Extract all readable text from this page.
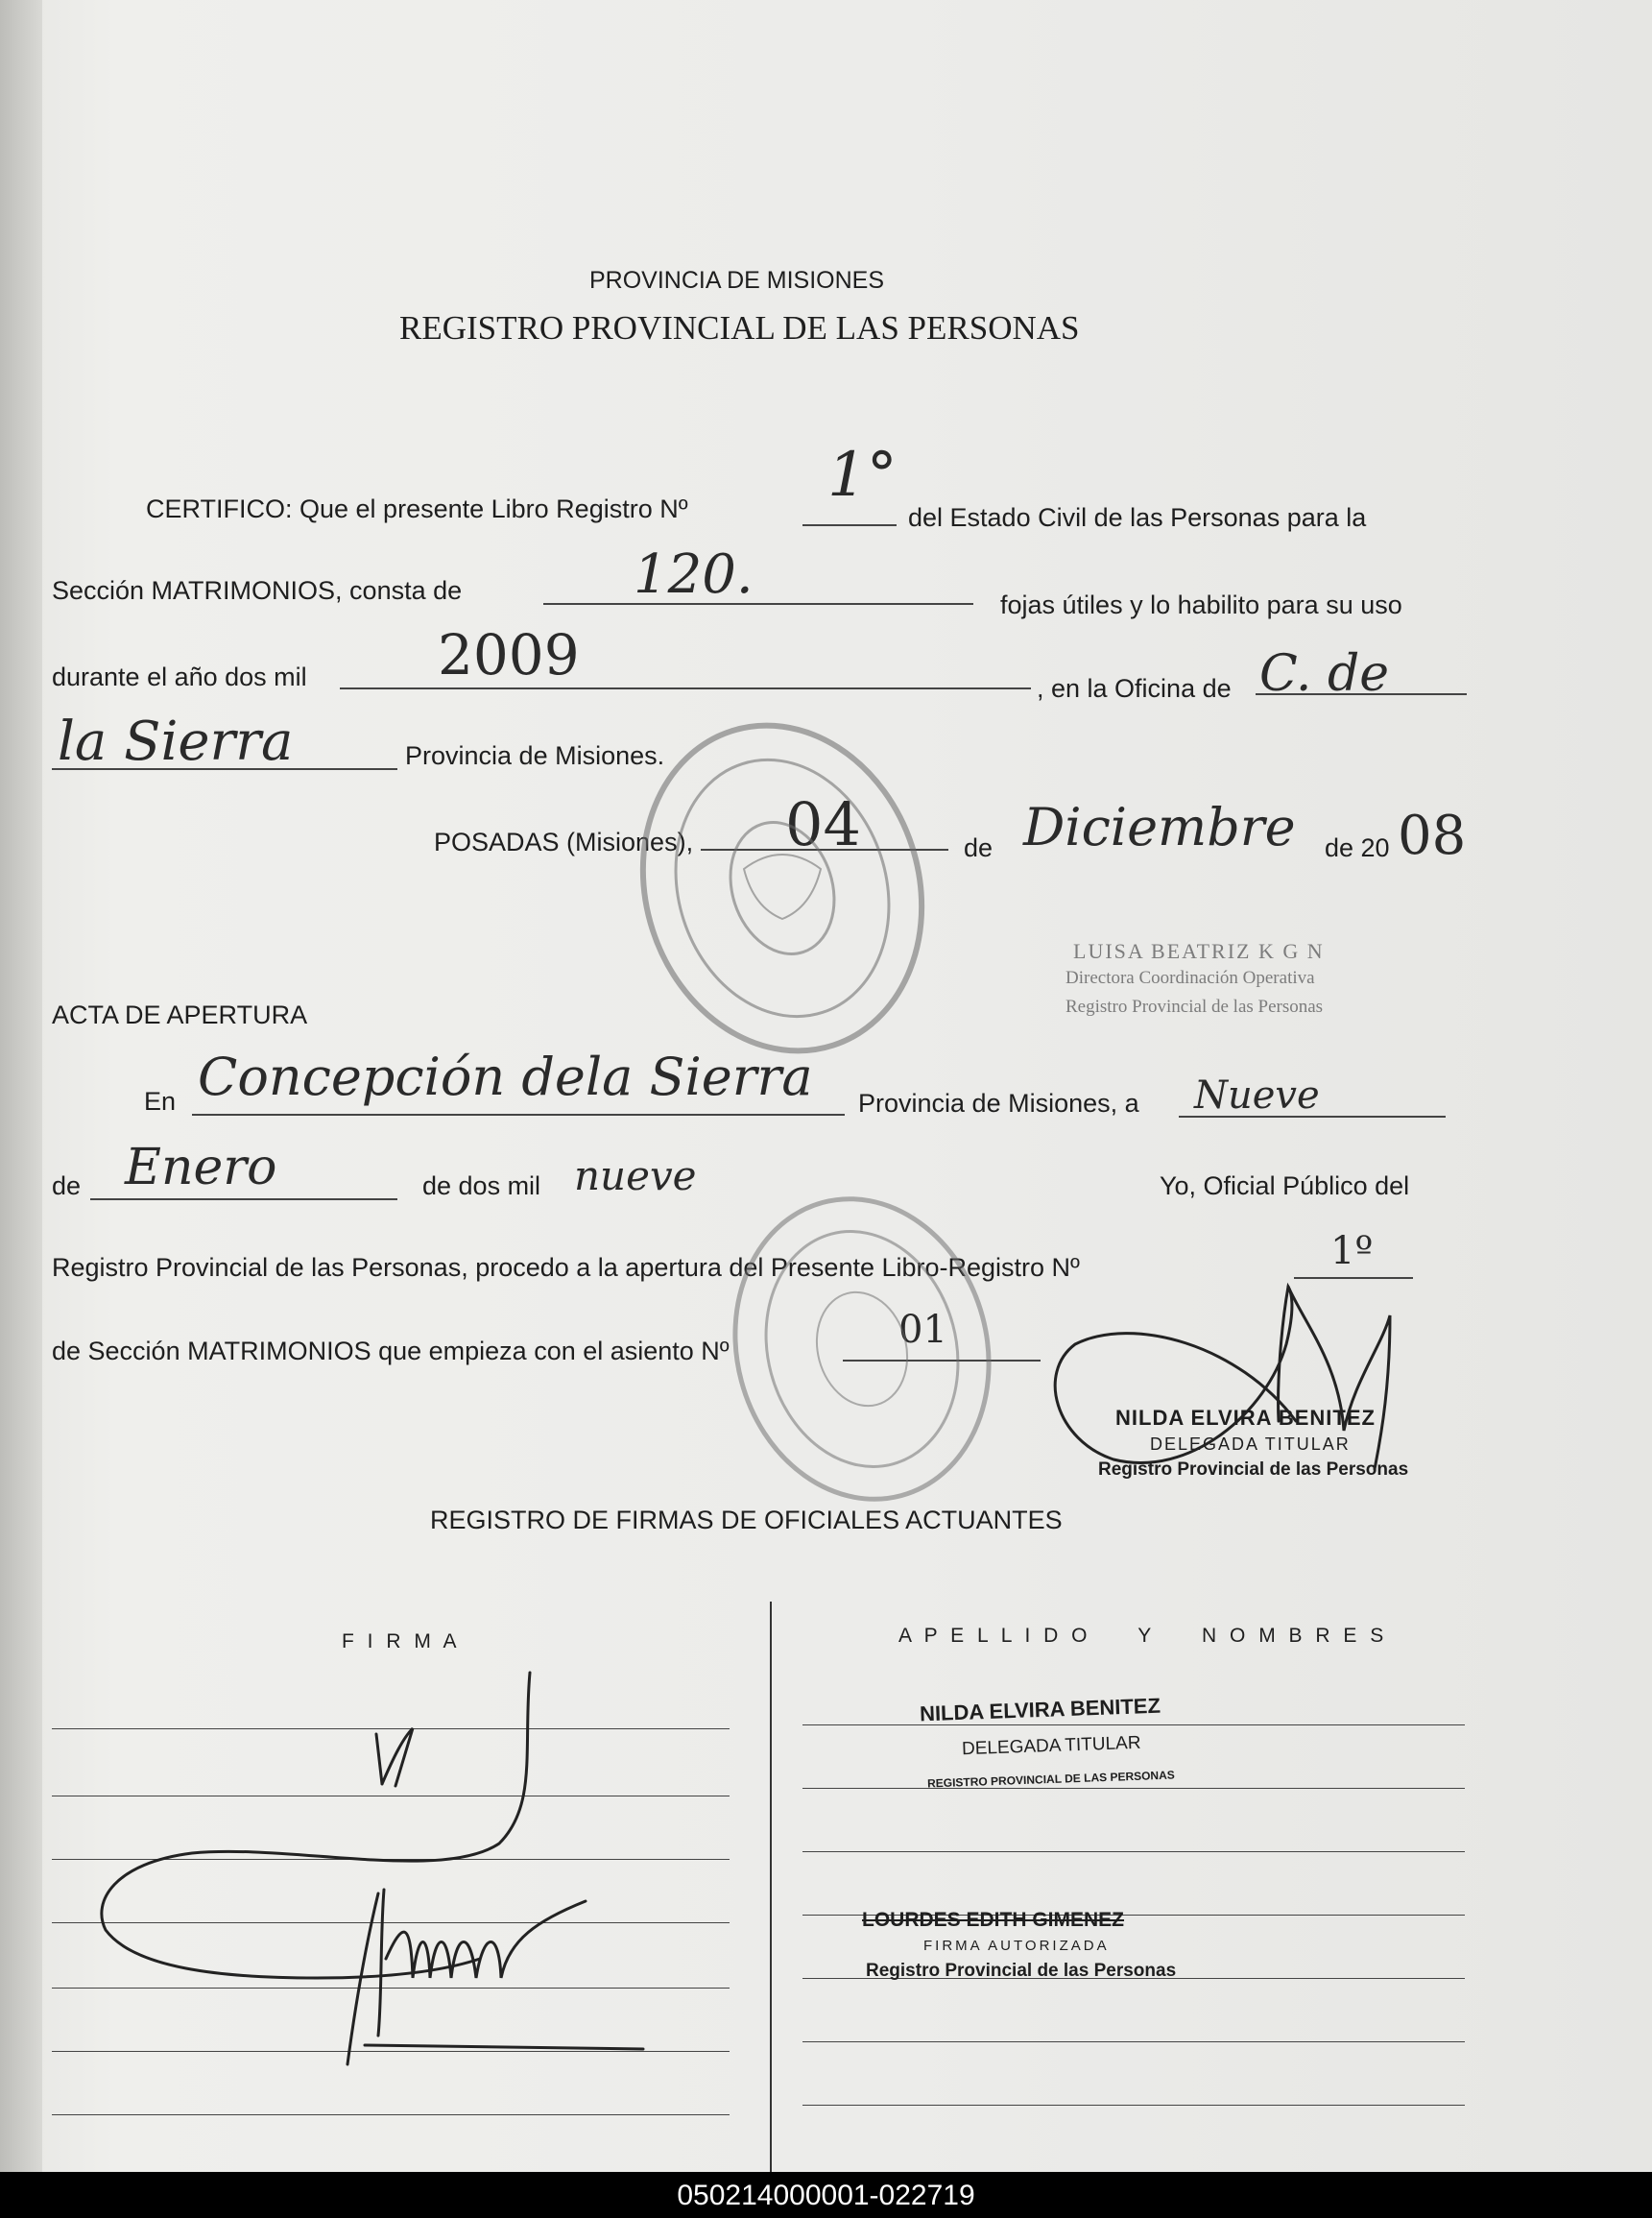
PROVINCIA DE MISIONES
REGISTRO PROVINCIAL DE LAS PERSONAS
CERTIFICO: Que el presente Libro Registro Nº 1°
del Estado Civil de las Personas para la
Sección MATRIMONIOS, consta de	120.	fojas útiles y lo habilito para su uso
durante el año dos mil 2009
, en la Oficina de C. de
la Sierra	Provincia de Misiones.
POSADAS (Misiones), 04	de Diciembre de 20 08
LUISA BEATRIZ K G N
Directora Coordinación Operativa
Registro Provincial de las Personas
ACTA DE APERTURA
En Concepción dela Sierra Provincia de Misiones, a Nueve
de Enero	de dos mil nueve	Yo, Oficial Público del
Registro Provincial de las Personas, procedo a la apertura del Presente Libro-Registro Nº	1º
de Sección MATRIMONIOS que empieza con el asiento Nº	01
NILDA ELVIRA BENITEZ
DELEGADA TITULAR
Registro Provincial de las Personas
REGISTRO DE FIRMAS DE OFICIALES ACTUANTES
F I R M A	A P E L L I D O     Y     N O M B R E S
NILDA ELVIRA BENITEZ
DELEGADA TITULAR
REGISTRO PROVINCIAL DE LAS PERSONAS
LOURDES EDITH GIMENEZ
FIRMA AUTORIZADA
Registro Provincial de las Personas
050214000001-022719
